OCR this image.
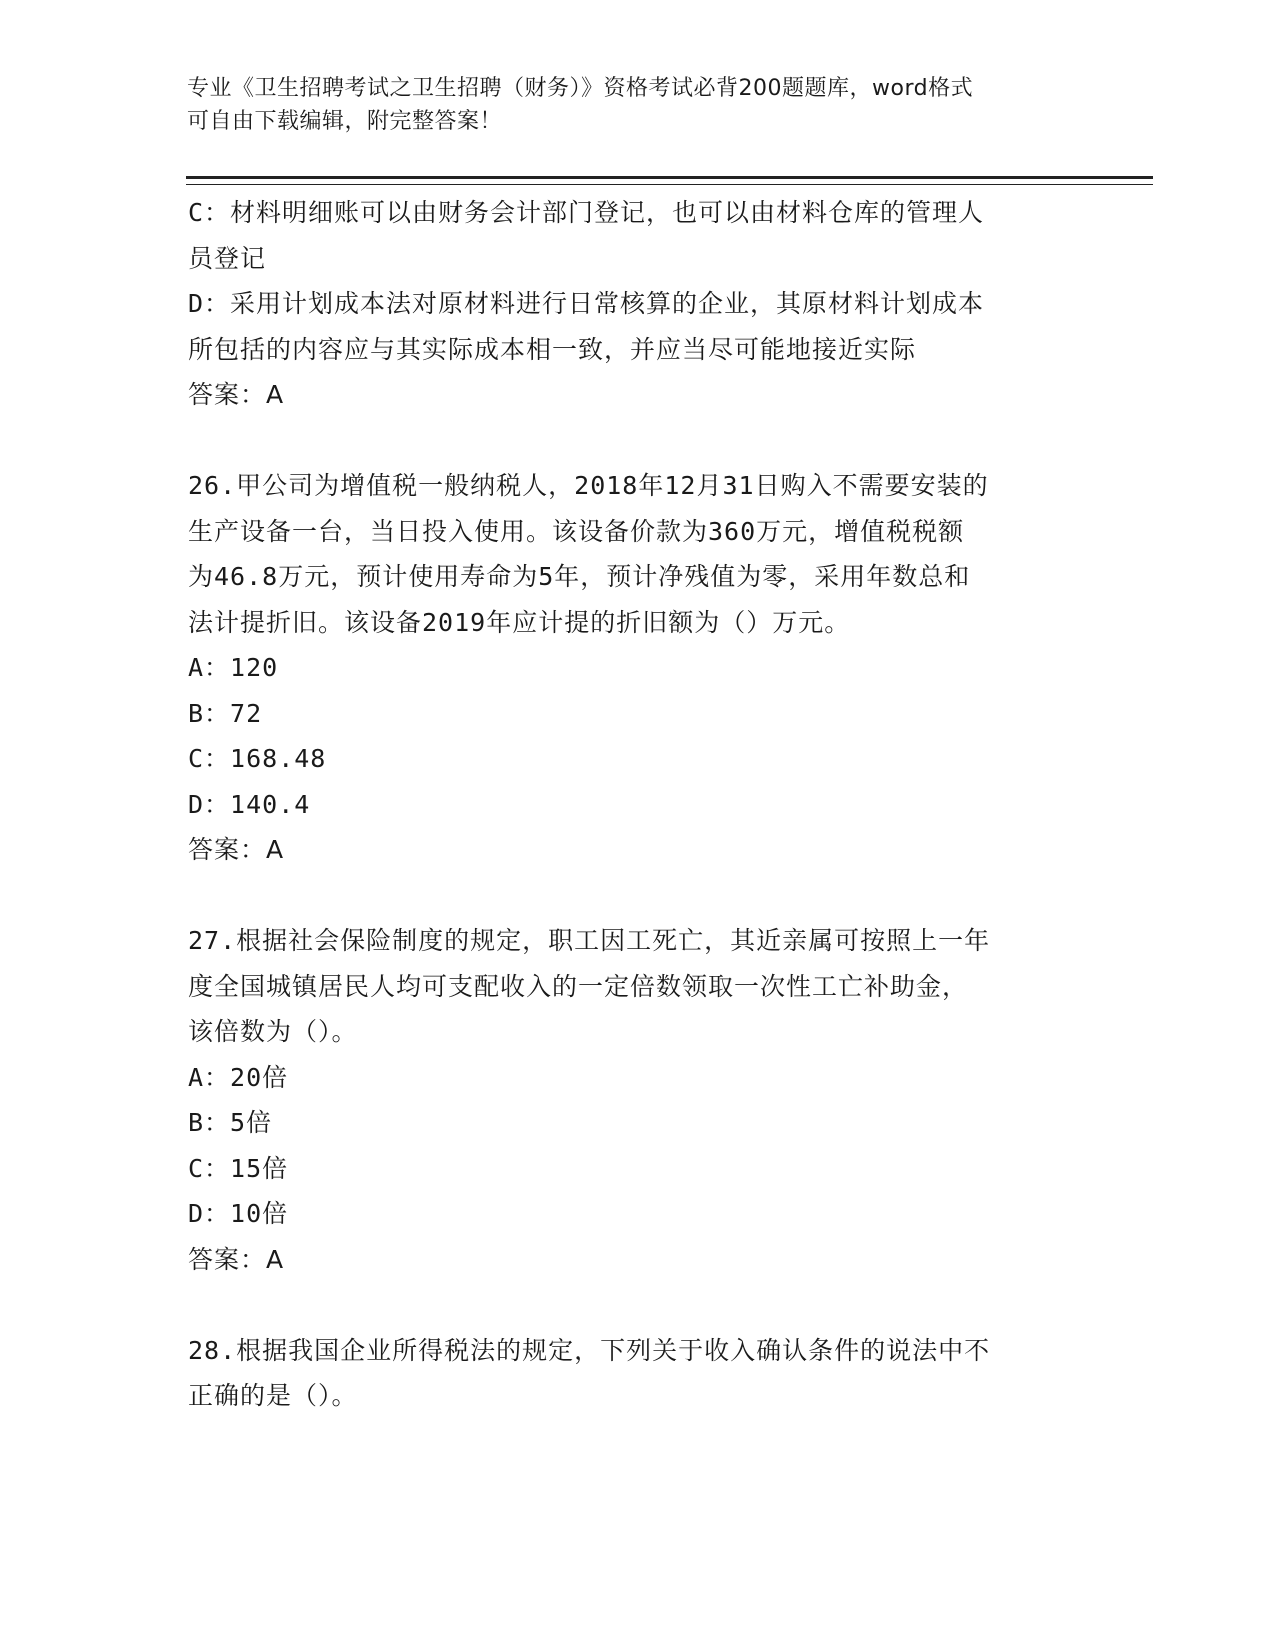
专业《卫生招聘考试之卫生招聘（财务）》资格考试必背200题题库，word格式
可自由下载编辑，附完整答案！
C：材料明细账可以由财务会计部门登记，也可以由材料仓库的管理人
员登记
D：采用计划成本法对原材料进行日常核算的企业，其原材料计划成本
所包括的内容应与其实际成本相一致，并应当尽可能地接近实际
答案：A
26.甲公司为增值税一般纳税人，2018年12月31日购入不需要安装的
生产设备一台，当日投入使用。该设备价款为360万元，增值税税额
为46.8万元，预计使用寿命为5年，预计净残值为零，采用年数总和
法计提折旧。该设备2019年应计提的折旧额为（）万元。
A：120
B：72
C：168.48
D：140.4
答案：A
27.根据社会保险制度的规定，职工因工死亡，其近亲属可按照上一年
度全国城镇居民人均可支配收入的一定倍数领取一次性工亡补助金，
该倍数为（）。
A：20倍
B：5倍
C：15倍
D：10倍
答案：A
28.根据我国企业所得税法的规定，下列关于收入确认条件的说法中不
正确的是（）。
